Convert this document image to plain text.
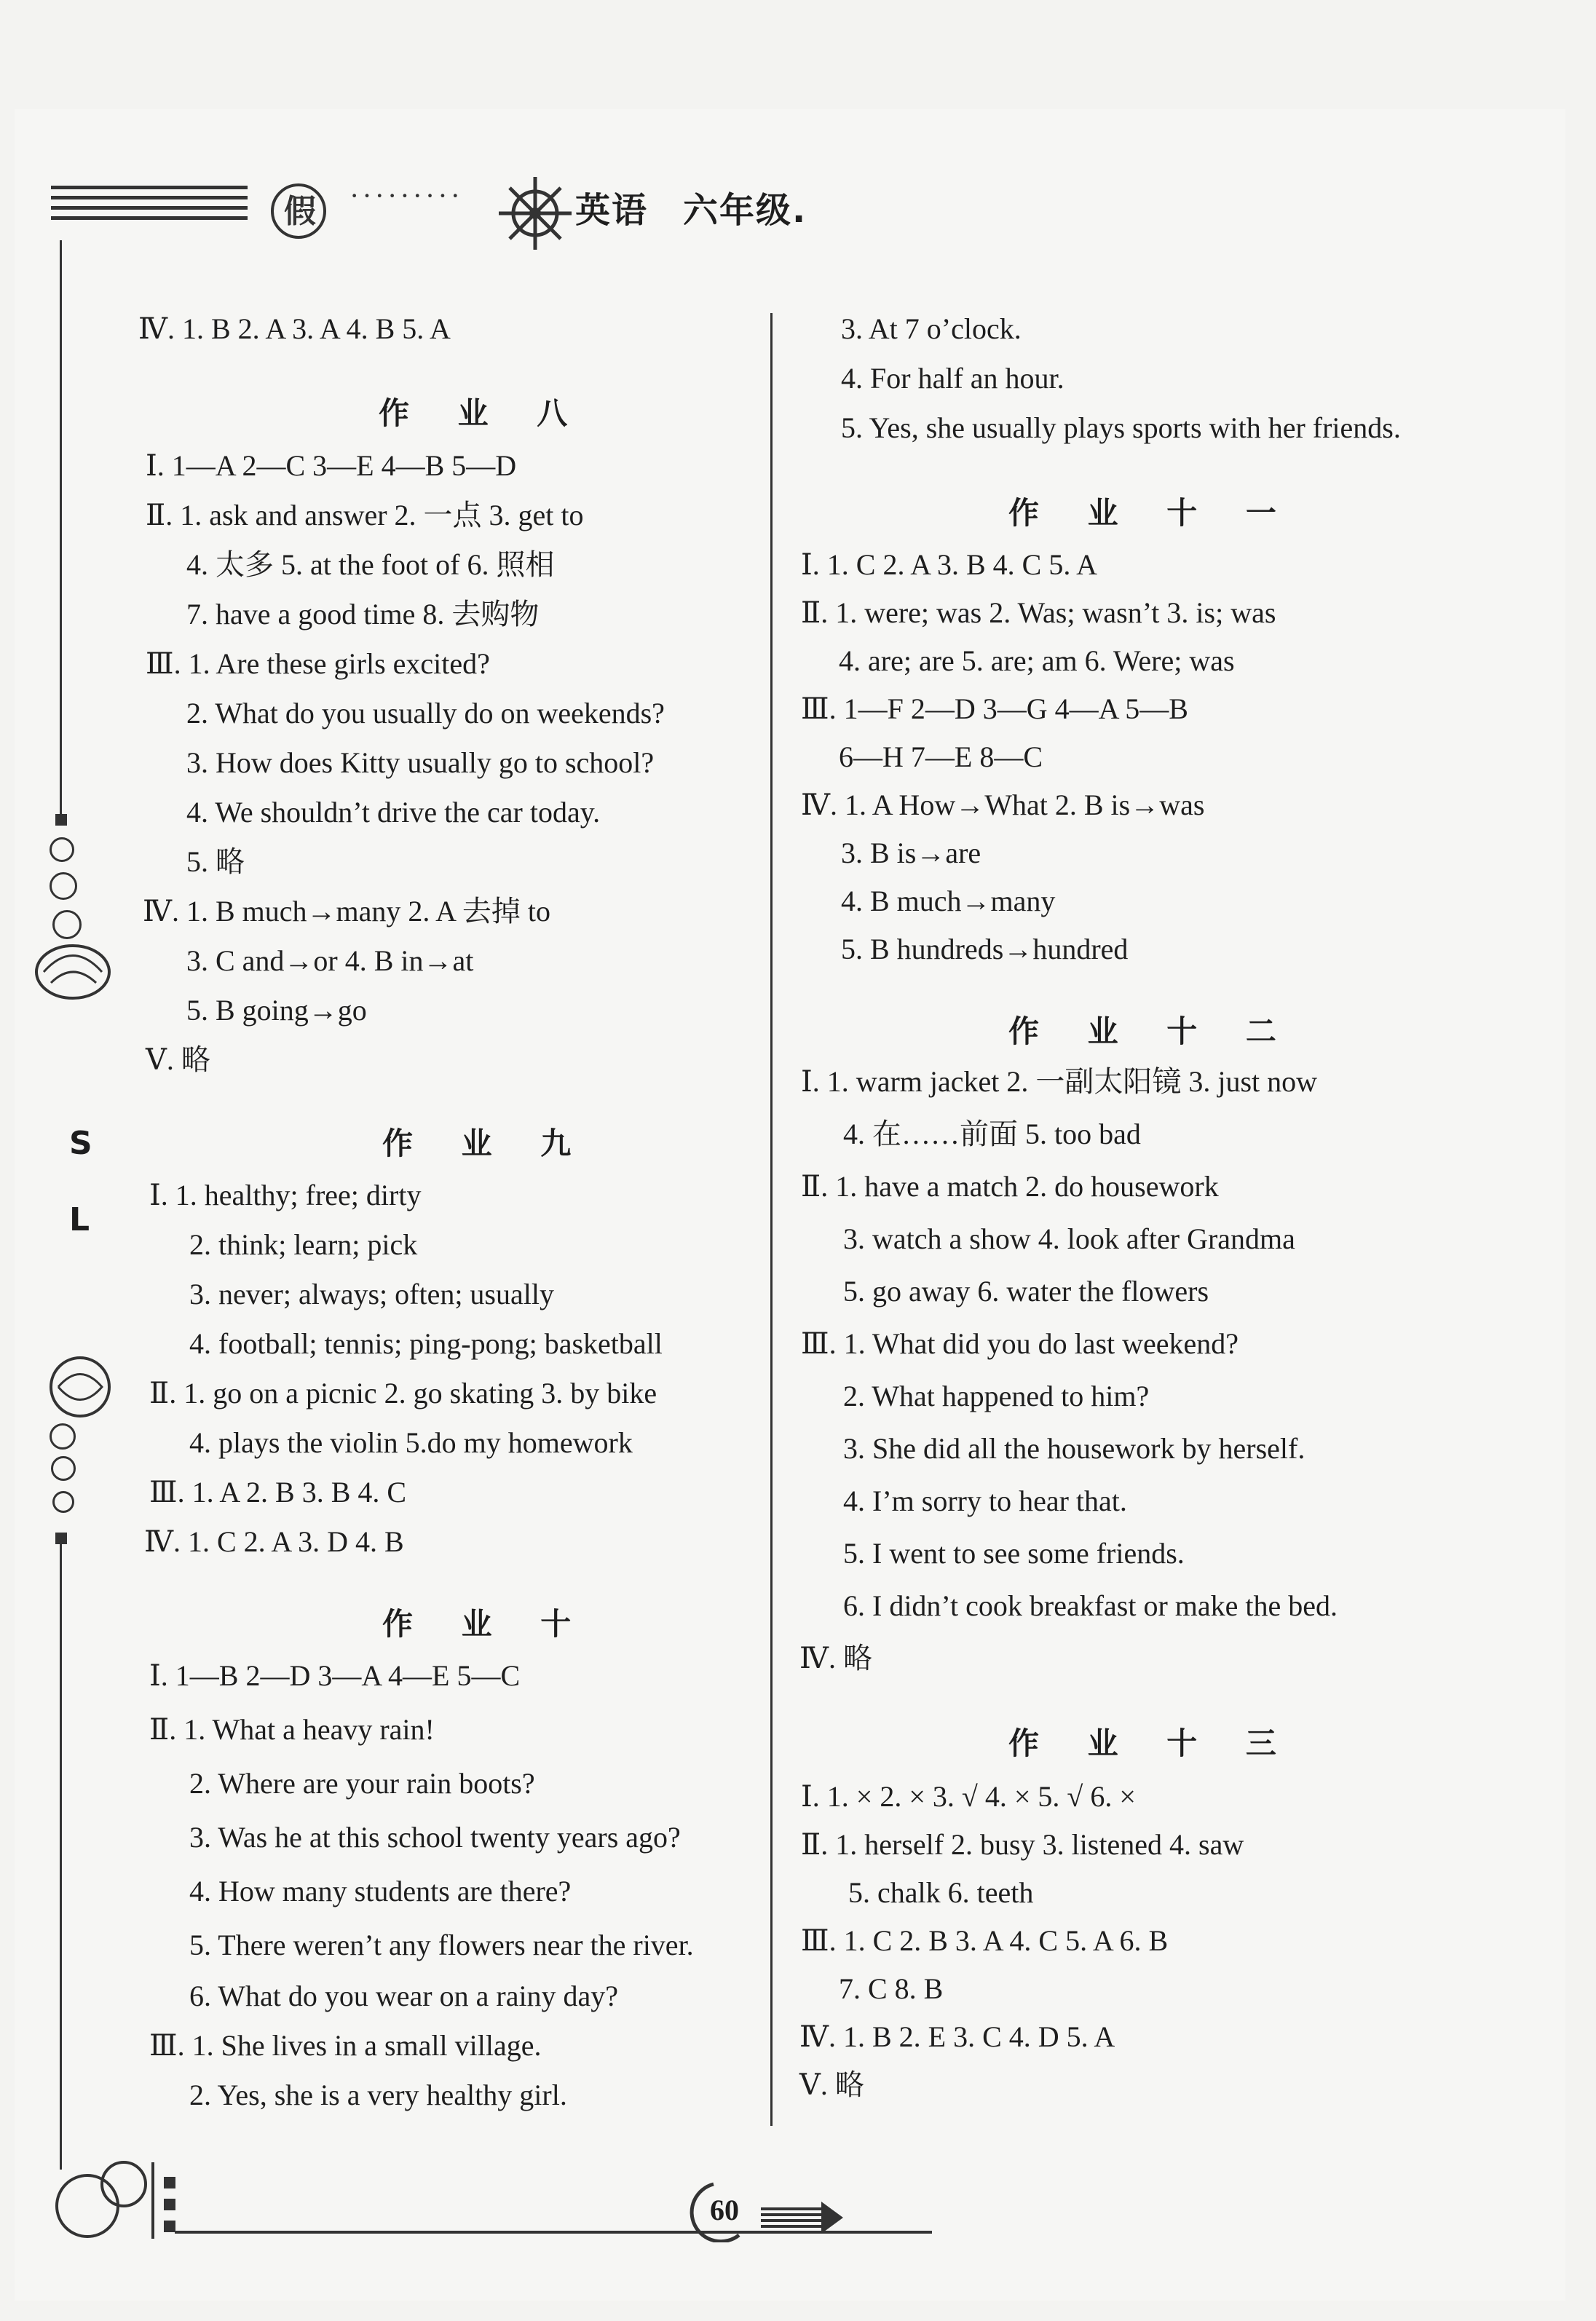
假 ·········	英语 六年级.
S
L
Ⅳ. 1. B 2. A 3. A 4. B 5. A
作 业 八
Ⅰ. 1—A 2—C 3—E 4—B 5—D
Ⅱ. 1. ask and answer 2. 一点 3. get to
4. 太多 5. at the foot of 6. 照相
7. have a good time 8. 去购物
Ⅲ. 1. Are these girls excited?
2. What do you usually do on weekends?
3. How does Kitty usually go to school?
4. We shouldn’t drive the car today.
5. 略
Ⅳ. 1. B much→many 2. A 去掉 to
3. C and→or 4. B in→at
5. B going→go
Ⅴ. 略
作 业 九
Ⅰ. 1. healthy; free; dirty
2. think; learn; pick
3. never; always; often; usually
4. football; tennis; ping-pong; basketball
Ⅱ. 1. go on a picnic 2. go skating 3. by bike
4. plays the violin 5.do my homework
Ⅲ. 1. A 2. B 3. B 4. C
Ⅳ. 1. C 2. A 3. D 4. B
作 业 十
Ⅰ. 1—B 2—D 3—A 4—E 5—C
Ⅱ. 1. What a heavy rain!
2. Where are your rain boots?
3. Was he at this school twenty years ago?
4. How many students are there?
5. There weren’t any flowers near the river.
6. What do you wear on a rainy day?
Ⅲ. 1. She lives in a small village.
2. Yes, she is a very healthy girl.
3. At 7 o’clock.
4. For half an hour.
5. Yes, she usually plays sports with her friends.
作 业 十 一
Ⅰ. 1. C 2. A 3. B 4. C 5. A
Ⅱ. 1. were; was 2. Was; wasn’t 3. is; was
4. are; are 5. are; am 6. Were; was
Ⅲ. 1—F 2—D 3—G 4—A 5—B
6—H 7—E 8—C
Ⅳ. 1. A How→What 2. B is→was
3. B is→are
4. B much→many
5. B hundreds→hundred
作 业 十 二
Ⅰ. 1. warm jacket 2. 一副太阳镜 3. just now
4. 在……前面 5. too bad
Ⅱ. 1. have a match 2. do housework
3. watch a show 4. look after Grandma
5. go away 6. water the flowers
Ⅲ. 1. What did you do last weekend?
2. What happened to him?
3. She did all the housework by herself.
4. I’m sorry to hear that.
5. I went to see some friends.
6. I didn’t cook breakfast or make the bed.
Ⅳ. 略
作 业 十 三
Ⅰ. 1. × 2. × 3. √ 4. × 5. √ 6. ×
Ⅱ. 1. herself 2. busy 3. listened 4. saw
5. chalk 6. teeth
Ⅲ. 1. C 2. B 3. A 4. C 5. A 6. B
7. C 8. B
Ⅳ. 1. B 2. E 3. C 4. D 5. A
Ⅴ. 略
60
